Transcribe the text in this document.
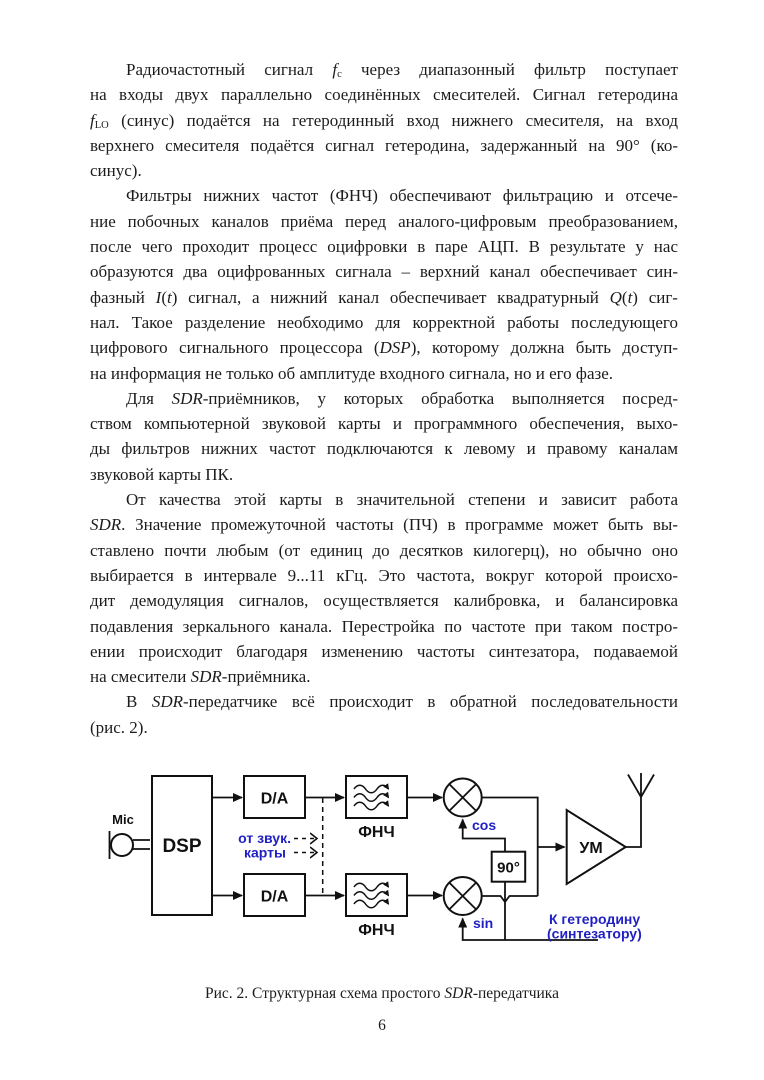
Радиочастотный сигнал $f_c$ через диапазонный фильтр поступает
на входы двух параллельно соединённых смесителей. Сигнал гетеродина
$f_{LO}$ (синус) подаётся на гетеродинный вход нижнего смесителя, на вход
верхнего смесителя подаётся сигнал гетеродина, задержанный на 90° (ко-
синус).
Фильтры нижних частот (ФНЧ) обеспечивают фильтрацию и отсече-
ние побочных каналов приёма перед аналого-цифровым преобразованием,
после чего проходит процесс оцифровки в паре АЦП. В результате у нас
образуются два оцифрованных сигнала – верхний канал обеспечивает син-
фазный I(t) сигнал, а нижний канал обеспечивает квадратурный Q(t) сиг-
нал. Такое разделение необходимо для корректной работы последующего
цифрового сигнального процессора (DSP), которому должна быть доступ-
на информация не только об амплитуде входного сигнала, но и его фазе.
Для SDR-приёмников, у которых обработка выполняется посред-
ством компьютерной звуковой карты и программного обеспечения, выхо-
ды фильтров нижних частот подключаются к левому и правому каналам
звуковой карты ПК.
От качества этой карты в значительной степени и зависит работа
SDR. Значение промежуточной частоты (ПЧ) в программе может быть вы-
ставлено почти любым (от единиц до десятков килогерц), но обычно оно
выбирается в интервале 9...11 кГц. Это частота, вокруг которой происхо-
дит демодуляция сигналов, осуществляется калибровка, и балансировка
подавления зеркального канала. Перестройка по частоте при таком постро-
ении происходит благодаря изменению частоты синтезатора, подаваемой
на смесители SDR-приёмника.
В SDR-передатчике всё происходит в обратной последовательности
(рис. 2).
Mic
DSP
D/A
D/A
от звук.
карты
ФНЧ
ФНЧ
90°
cos
sin	К гетеродину
(синтезатору)
УМ
Рис. 2. Структурная схема простого SDR-передатчика
6
